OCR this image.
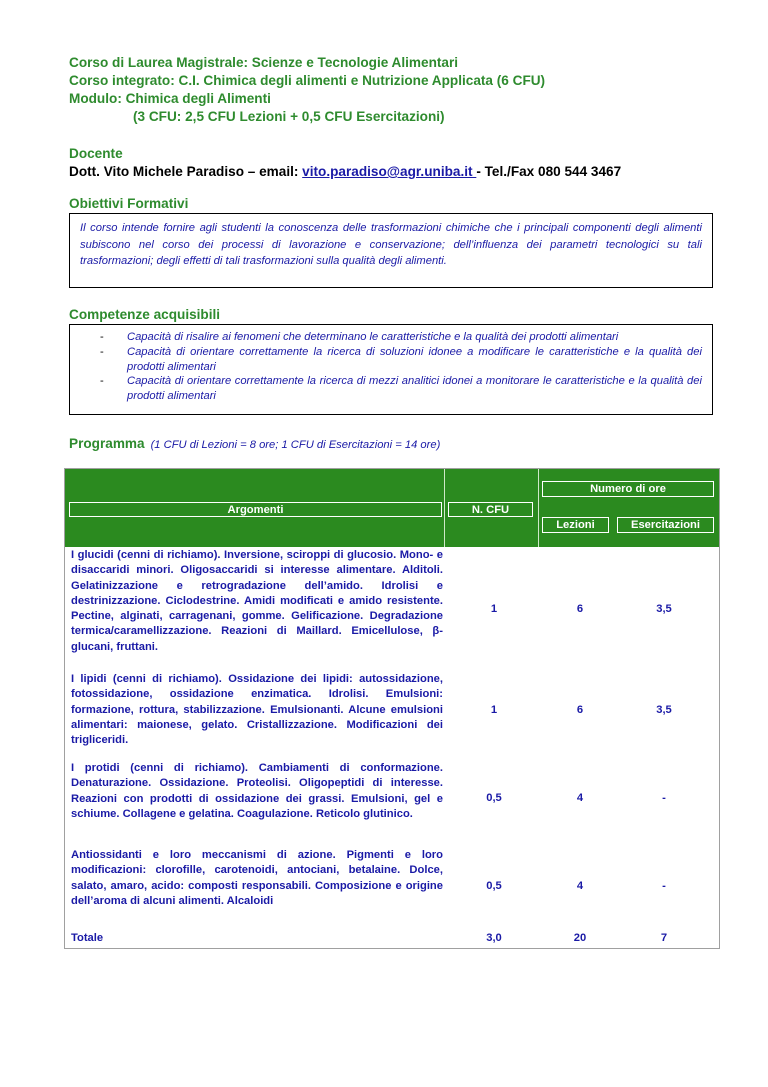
Corso di Laurea Magistrale: Scienze e Tecnologie Alimentari
Corso integrato: C.I. Chimica degli alimenti e Nutrizione Applicata (6 CFU)
Modulo: Chimica degli Alimenti
(3 CFU: 2,5 CFU Lezioni + 0,5 CFU Esercitazioni)
Docente
Dott. Vito Michele Paradiso – email: vito.paradiso@agr.uniba.it - Tel./Fax 080 544 3467
Obiettivi Formativi
Il corso intende fornire agli studenti la conoscenza delle trasformazioni chimiche che i principali componenti degli alimenti subiscono nel corso dei processi di lavorazione e conservazione; dell’influenza dei parametri tecnologici su tali trasformazioni; degli effetti di tali trasformazioni sulla qualità degli alimenti.
Competenze acquisibili
- Capacità di risalire ai fenomeni che determinano le caratteristiche e la qualità dei prodotti alimentari
- Capacità di orientare correttamente la ricerca di soluzioni idonee a modificare le caratteristiche e la qualità dei prodotti alimentari
- Capacità di orientare correttamente la ricerca di mezzi analitici idonei a monitorare le caratteristiche e la qualità dei prodotti alimentari
Programma (1 CFU di Lezioni = 8 ore; 1 CFU di Esercitazioni = 14 ore)
Argomenti	N. CFU
Numero di ore
Lezioni	Esercitazioni
I glucidi (cenni di richiamo). Inversione, sciroppi di glucosio. Mono- e disaccaridi minori. Oligosaccaridi si interesse alimentare. Alditoli. Gelatinizzazione e retrogradazione dell’amido. Idrolisi e destrinizzazione. Ciclodestrine. Amidi modificati e amido resistente. Pectine, alginati, carragenani, gomme. Gelificazione. Degradazione termica/caramellizzazione. Reazioni di Maillard. Emicellulose, β-glucani, fruttani.
1	6	3,5
I lipidi (cenni di richiamo). Ossidazione dei lipidi: autossidazione, fotossidazione, ossidazione enzimatica. Idrolisi. Emulsioni: formazione, rottura, stabilizzazione. Emulsionanti. Alcune emulsioni alimentari: maionese, gelato. Cristallizzazione. Modificazioni dei trigliceridi.
1	6	3,5
I protidi (cenni di richiamo). Cambiamenti di conformazione. Denaturazione. Ossidazione. Proteolisi. Oligopeptidi di interesse. Reazioni con prodotti di ossidazione dei grassi. Emulsioni, gel e schiume. Collagene e gelatina. Coagulazione. Reticolo glutinico.
0,5	4	-
Antiossidanti e loro meccanismi di azione. Pigmenti e loro modificazioni: clorofille, carotenoidi, antociani, betalaine. Dolce, salato, amaro, acido: composti responsabili. Composizione e origine dell’aroma di alcuni alimenti. Alcaloidi
0,5	4	-
Totale	3,0	20	7
